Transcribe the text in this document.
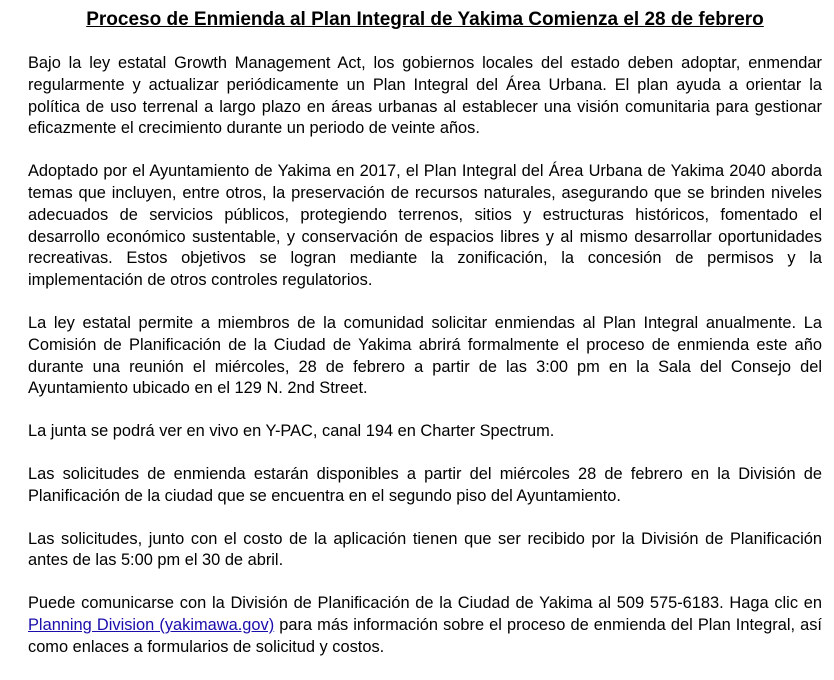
Proceso de Enmienda al Plan Integral de Yakima Comienza el 28 de febrero

Bajo la ley estatal Growth Management Act, los gobiernos locales del estado deben adoptar, enmendar regularmente y actualizar periódicamente un Plan Integral del Área Urbana. El plan ayuda a orientar la política de uso terrenal a largo plazo en áreas urbanas al establecer una visión comunitaria para gestionar eficazmente el crecimiento durante un periodo de veinte años.

Adoptado por el Ayuntamiento de Yakima en 2017, el Plan Integral del Área Urbana de Yakima 2040 aborda temas que incluyen, entre otros, la preservación de recursos naturales, asegurando que se brinden niveles adecuados de servicios públicos, protegiendo terrenos, sitios y estructuras históricos, fomentado el desarrollo económico sustentable, y conservación de espacios libres y al mismo desarrollar oportunidades recreativas. Estos objetivos se logran mediante la zonificación, la concesión de permisos y la implementación de otros controles regulatorios.

La ley estatal permite a miembros de la comunidad solicitar enmiendas al Plan Integral anualmente. La Comisión de Planificación de la Ciudad de Yakima abrirá formalmente el proceso de enmienda este año durante una reunión el miércoles, 28 de febrero a partir de las 3:00 pm en la Sala del Consejo del Ayuntamiento ubicado en el 129 N. 2nd Street.

La junta se podrá ver en vivo en Y-PAC, canal 194 en Charter Spectrum.

Las solicitudes de enmienda estarán disponibles a partir del miércoles 28 de febrero en la División de Planificación de la ciudad que se encuentra en el segundo piso del Ayuntamiento.

Las solicitudes, junto con el costo de la aplicación tienen que ser recibido por la División de Planificación antes de las 5:00 pm el 30 de abril.

Puede comunicarse con la División de Planificación de la Ciudad de Yakima al 509 575-6183. Haga clic en Planning Division (yakimawa.gov) para más información sobre el proceso de enmienda del Plan Integral, así como enlaces a formularios de solicitud y costos.
